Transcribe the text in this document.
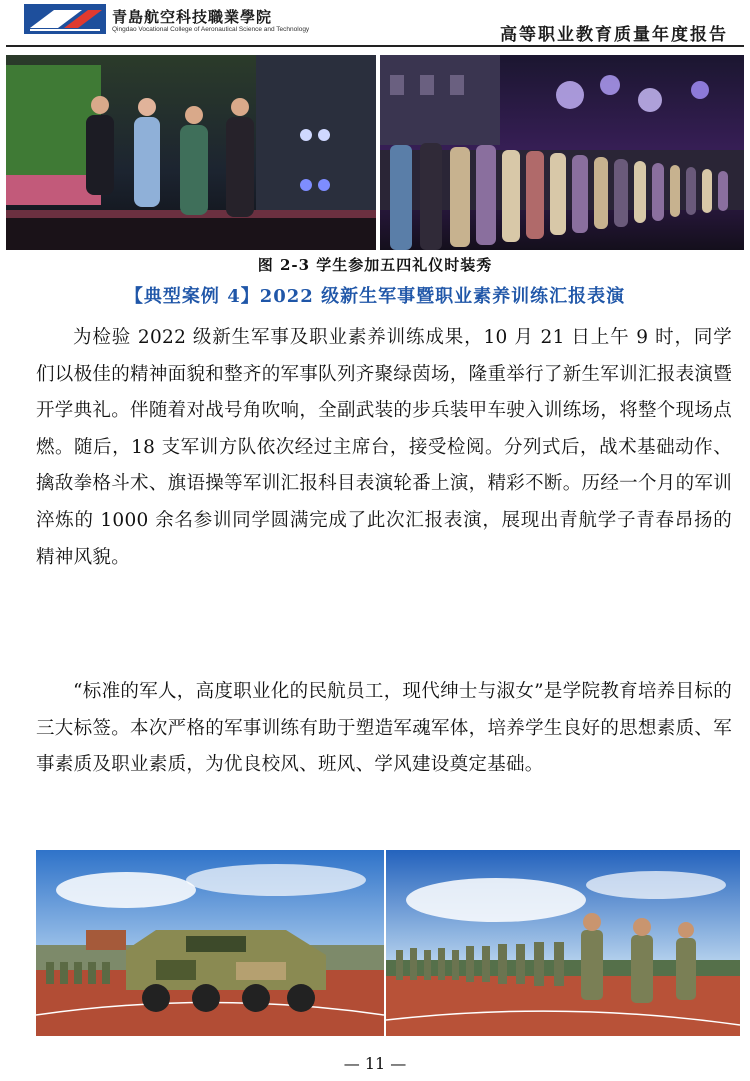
青島航空科技職業學院
Qingdao Vocational College of Aeronautical Science and Technology	高等职业教育质量年度报告
图 2-3 学生参加五四礼仪时装秀
【典型案例 4】2022 级新生军事暨职业素养训练汇报表演

为检验 2022 级新生军事及职业素养训练成果，10 月 21 日上午 9 时，同学们以极佳的精神面貌和整齐的军事队列齐聚绿茵场，隆重举行了新生军训汇报表演暨开学典礼。伴随着对战号角吹响，全副武装的步兵装甲车驶入训练场，将整个现场点燃。随后，18 支军训方队依次经过主席台，接受检阅。分列式后，战术基础动作、擒敌拳格斗术、旗语操等军训汇报科目表演轮番上演，精彩不断。历经一个月的军训淬炼的 1000 余名参训同学圆满完成了此次汇报表演，展现出青航学子青春昂扬的精神风貌。

“标准的军人，高度职业化的民航员工，现代绅士与淑女”是学院教育培养目标的三大标签。本次严格的军事训练有助于塑造军魂军体，培养学生良好的思想素质、军事素质及职业素质，为优良校风、班风、学风建设奠定基础。

— 11 —
